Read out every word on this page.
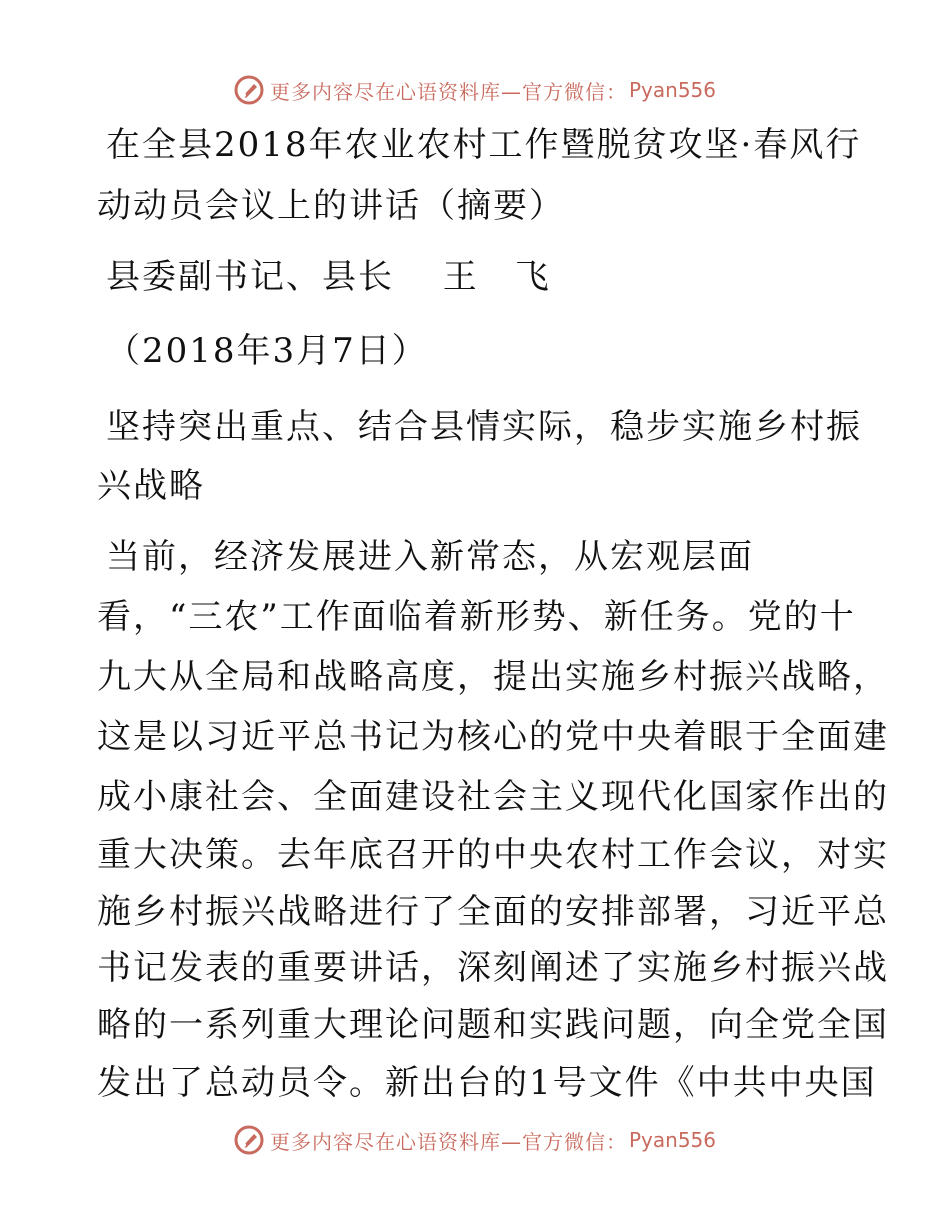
更多内容尽在心语资料库—官方微信： Pyan556

在全县2018年农业农村工作暨脱贫攻坚·春风行

动动员会议上的讲话（摘要）

县委副书记、县长　 王　飞

（2018年3月7日）

坚持突出重点、结合县情实际，稳步实施乡村振

兴战略

当前，经济发展进入新常态，从宏观层面

看，“三农”工作面临着新形势、新任务。党的十

九大从全局和战略高度，提出实施乡村振兴战略，

这是以习近平总书记为核心的党中央着眼于全面建

成小康社会、全面建设社会主义现代化国家作出的

重大决策。去年底召开的中央农村工作会议，对实

施乡村振兴战略进行了全面的安排部署，习近平总

书记发表的重要讲话，深刻阐述了实施乡村振兴战

略的一系列重大理论问题和实践问题，向全党全国

发出了总动员令。新出台的1号文件《中共中央国

更多内容尽在心语资料库—官方微信： Pyan556
